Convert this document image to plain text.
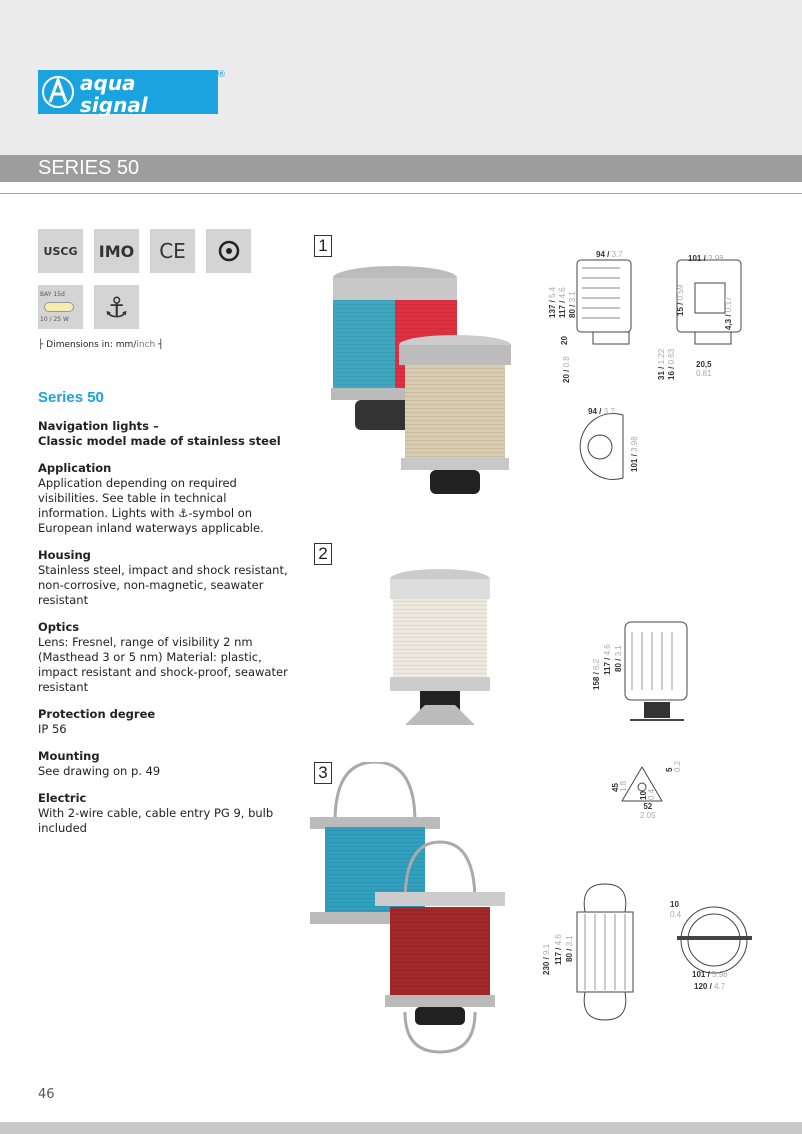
aqua
signal
®
SERIES 50
USCG IMO CE
BAY 15d
10 / 25 W	⚓
├ Dimensions in: mm/inch ┤
Series 50
Navigation lights –
Classic model made of stainless steel
Application

Application depending on required visibilities. See table in technical information. Lights with ⚓-symbol on European inland waterways applicable.

Housing

Stainless steel, impact and shock resistant, non-corrosive, non-magnetic, seawater resistant

Optics

Lens: Fresnel, range of visibility 2 nm (Masthead 3 or 5 nm) Material: plastic, impact resistant and shock-proof, seawater resistant

Protection degree

IP 56

Mounting

See drawing on p. 49

Electric

With 2-wire cable, cable entry PG 9, bulb included

1
2
3
94 / 3.7
137 / 5.4
117 / 4.6
80 / 3.1
20
20 / 0.8
101 / 3.98
15 / 0.59
4,3 / 0.17
31 / 1.22
16 / 0.63
20,5
0.81
94 / 3.7
101 / 3.98
158 / 6.2 117 / 4.6
80 / 3.1
45
1.8
10
0.4
5
0.2
52
2.05
230 / 9.1 117 / 4.6
80 / 3.1
10
0.4
101 / 3.98
120 / 4.7
46
